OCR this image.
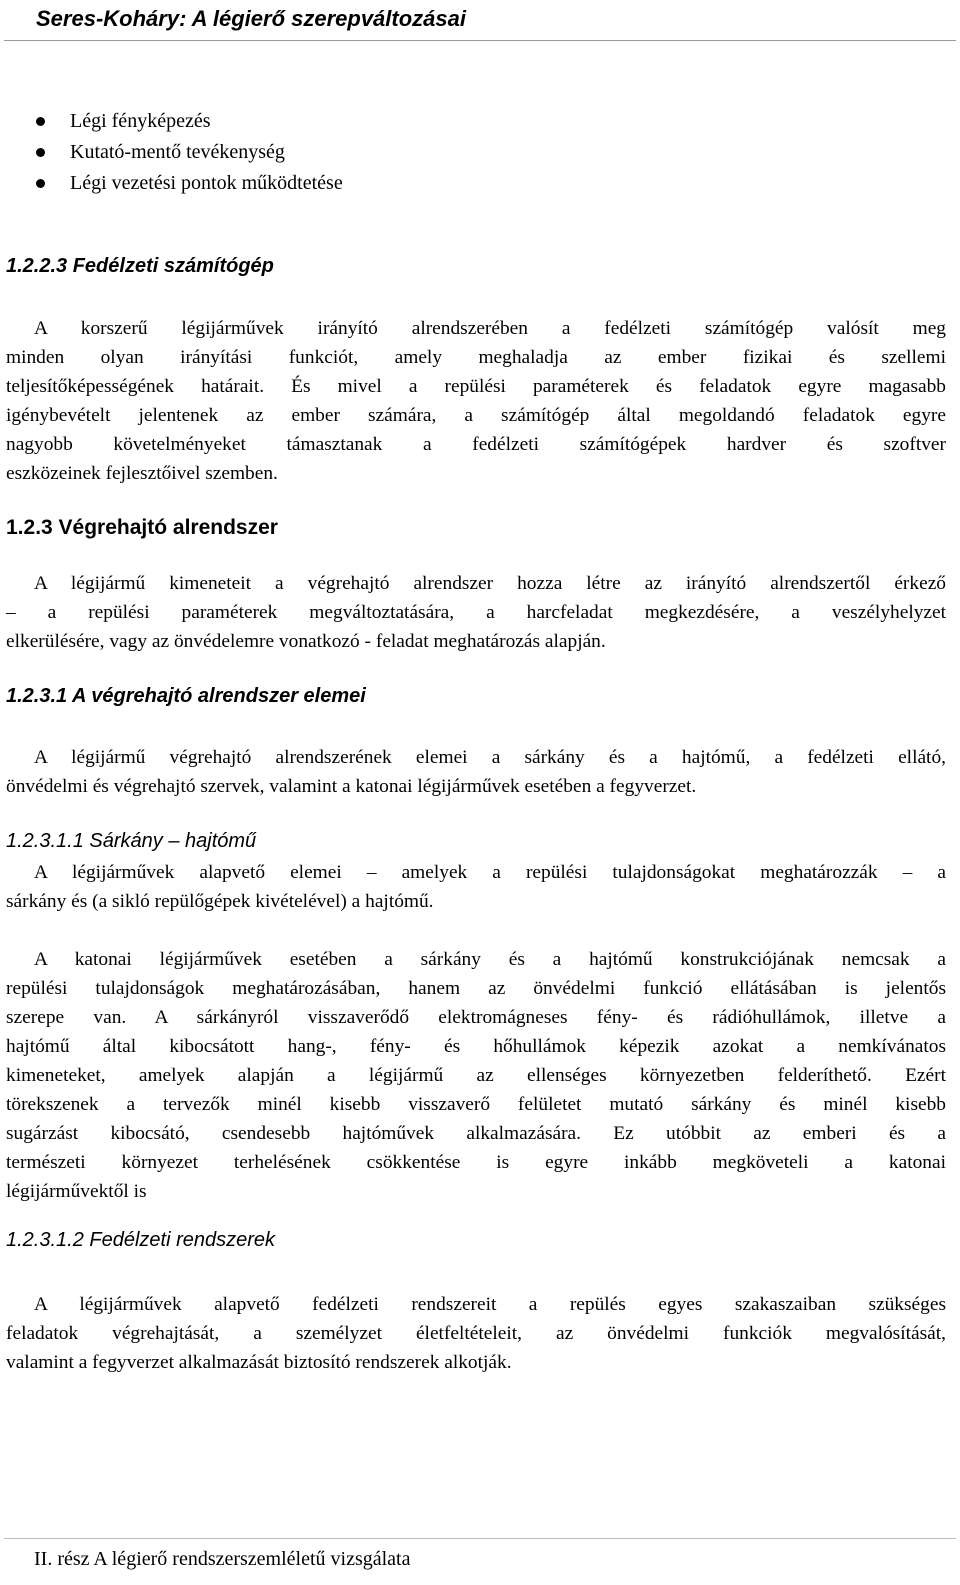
Seres-Koháry: A légierő szerepváltozásai
Légi fényképezés
Kutató-mentő tevékenység
Légi vezetési pontok működtetése
1.2.2.3 Fedélzeti számítógép
A korszerű légijárművek irányító alrendszerében a fedélzeti számítógép valósít meg
minden olyan irányítási funkciót, amely meghaladja az ember fizikai és szellemi
teljesítőképességének határait. És mivel a repülési paraméterek és feladatok egyre magasabb
igénybevételt jelentenek az ember számára, a számítógép által megoldandó feladatok egyre
nagyobb követelményeket támasztanak a fedélzeti számítógépek hardver és szoftver
eszközeinek fejlesztőivel szemben.
1.2.3 Végrehajtó alrendszer
A légijármű kimeneteit a végrehajtó alrendszer hozza létre az irányító alrendszertől érkező
– a repülési paraméterek megváltoztatására, a harcfeladat megkezdésére, a veszélyhelyzet
elkerülésére, vagy az önvédelemre vonatkozó - feladat meghatározás alapján.
1.2.3.1 A végrehajtó alrendszer elemei
A légijármű végrehajtó alrendszerének elemei a sárkány és a hajtómű, a fedélzeti ellátó,
önvédelmi és végrehajtó szervek, valamint a katonai légijárművek esetében a fegyverzet.
1.2.3.1.1 Sárkány – hajtómű
A légijárművek alapvető elemei – amelyek a repülési tulajdonságokat meghatározzák – a
sárkány és (a sikló repülőgépek kivételével) a hajtómű.
A katonai légijárművek esetében a sárkány és a hajtómű konstrukciójának nemcsak a
repülési tulajdonságok meghatározásában, hanem az önvédelmi funkció ellátásában is jelentős
szerepe van. A sárkányról visszaverődő elektromágneses fény- és rádióhullámok, illetve a
hajtómű által kibocsátott hang-, fény- és hőhullámok képezik azokat a nemkívánatos
kimeneteket, amelyek alapján a légijármű az ellenséges környezetben felderíthető. Ezért
törekszenek a tervezők minél kisebb visszaverő felületet mutató sárkány és minél kisebb
sugárzást kibocsátó, csendesebb hajtóművek alkalmazására. Ez utóbbit az emberi és a
természeti környezet terhelésének csökkentése is egyre inkább megköveteli a katonai
légijárművektől is
1.2.3.1.2 Fedélzeti rendszerek
A légijárművek alapvető fedélzeti rendszereit a repülés egyes szakaszaiban szükséges
feladatok végrehajtását, a személyzet életfeltételeit, az önvédelmi funkciók megvalósítását,
valamint a fegyverzet alkalmazását biztosító rendszerek alkotják.
II. rész A légierő rendszerszemléletű vizsgálata
